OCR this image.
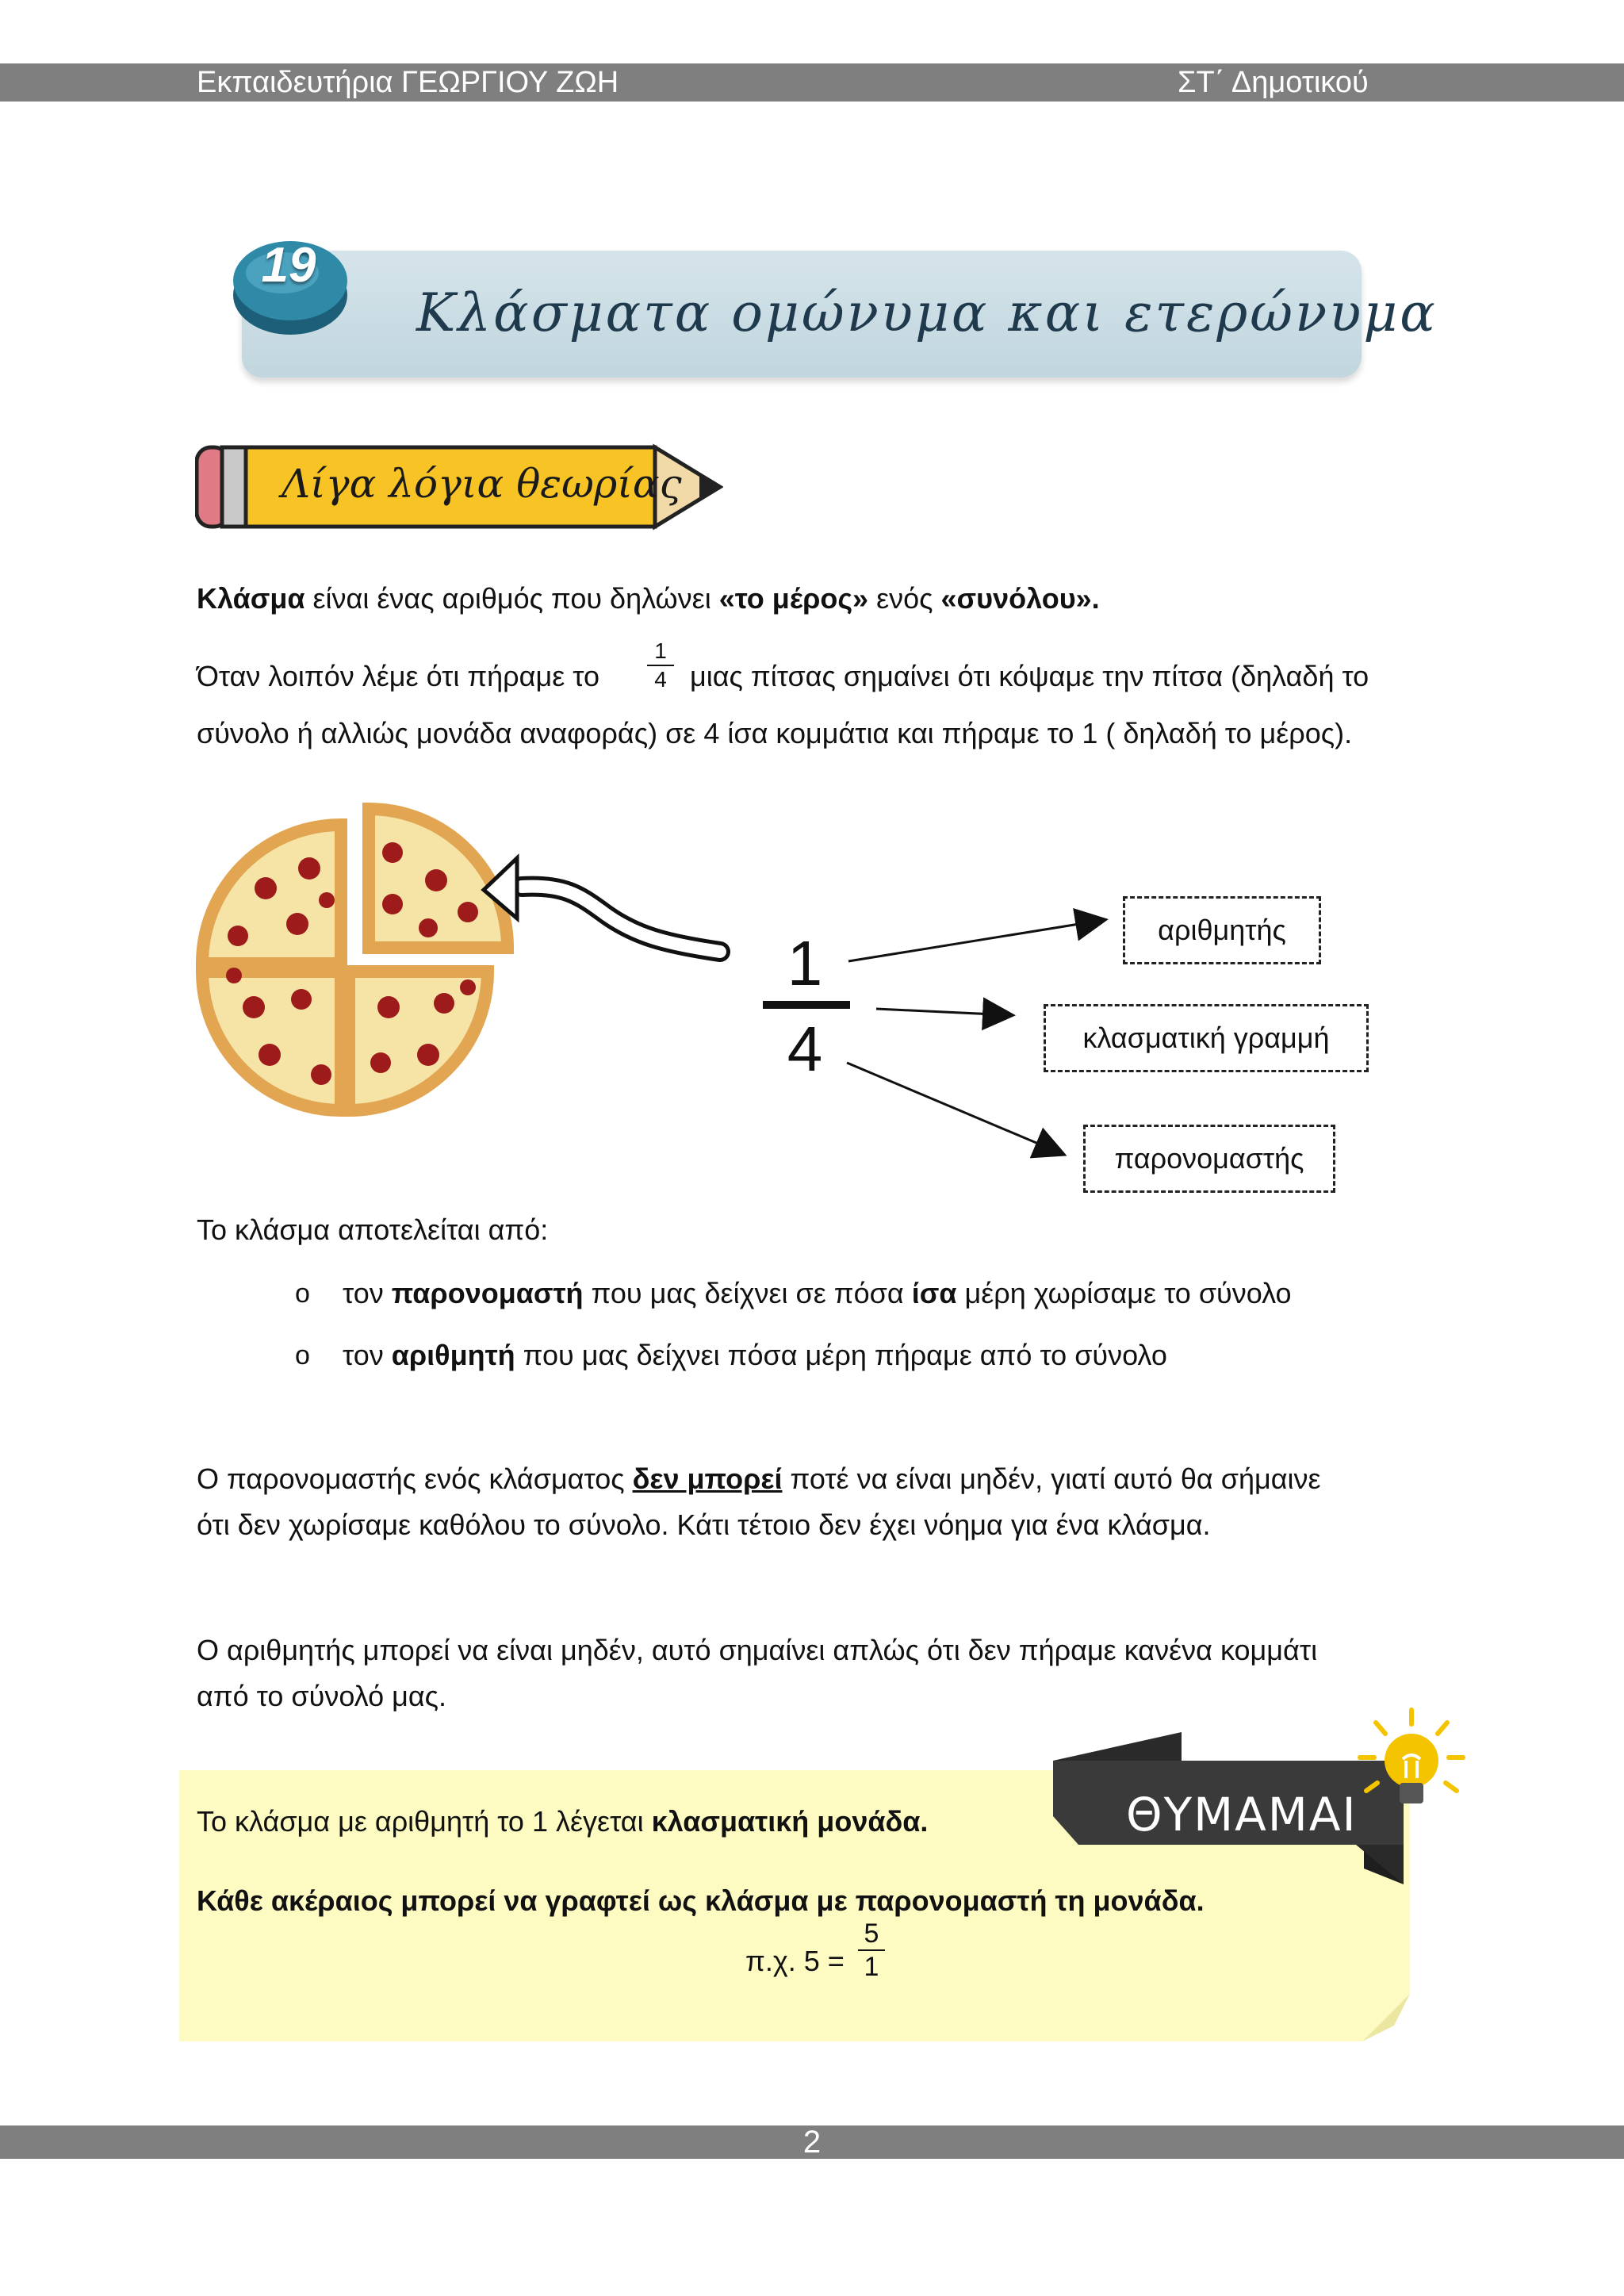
Εκπαιδευτήρια ΓΕΩΡΓΙΟΥ ΖΩΗ	ΣΤ΄ Δημοτικού
19
Κλάσματα ομώνυμα και ετερώνυμα
Λίγα λόγια θεωρίας
Κλάσμα είναι ένας αριθμός που δηλώνει «το μέρος» ενός «συνόλου».
Όταν λοιπόν λέμε ότι πήραμε το
1
4 μιας πίτσας σημαίνει ότι κόψαμε την πίτσα (δηλαδή το
σύνολο ή αλλιώς μονάδα αναφοράς) σε 4 ίσα κομμάτια και πήραμε το 1 ( δηλαδή το μέρος).
1
4
αριθμητής
κλασματική γραμμή
παρονομαστής
Το κλάσμα αποτελείται από:
o τον παρονομαστή που μας δείχνει σε πόσα ίσα μέρη χωρίσαμε το σύνολο
o τον αριθμητή που μας δείχνει πόσα μέρη πήραμε από το σύνολο
Ο παρονομαστής ενός κλάσματος δεν μπορεί ποτέ να είναι μηδέν, γιατί αυτό θα σήμαινε
ότι δεν χωρίσαμε καθόλου το σύνολο. Κάτι τέτοιο δεν έχει νόημα για ένα κλάσμα.
Ο αριθμητής μπορεί να είναι μηδέν, αυτό σημαίνει απλώς ότι δεν πήραμε κανένα κομμάτι
από το σύνολό μας.
ΘΥΜΑΜΑΙ
Το κλάσμα με αριθμητή το 1 λέγεται κλασματική μονάδα.
Κάθε ακέραιος μπορεί να γραφτεί ως κλάσμα με παρονομαστή τη μονάδα.
π.χ. 5 =
5
1
2
